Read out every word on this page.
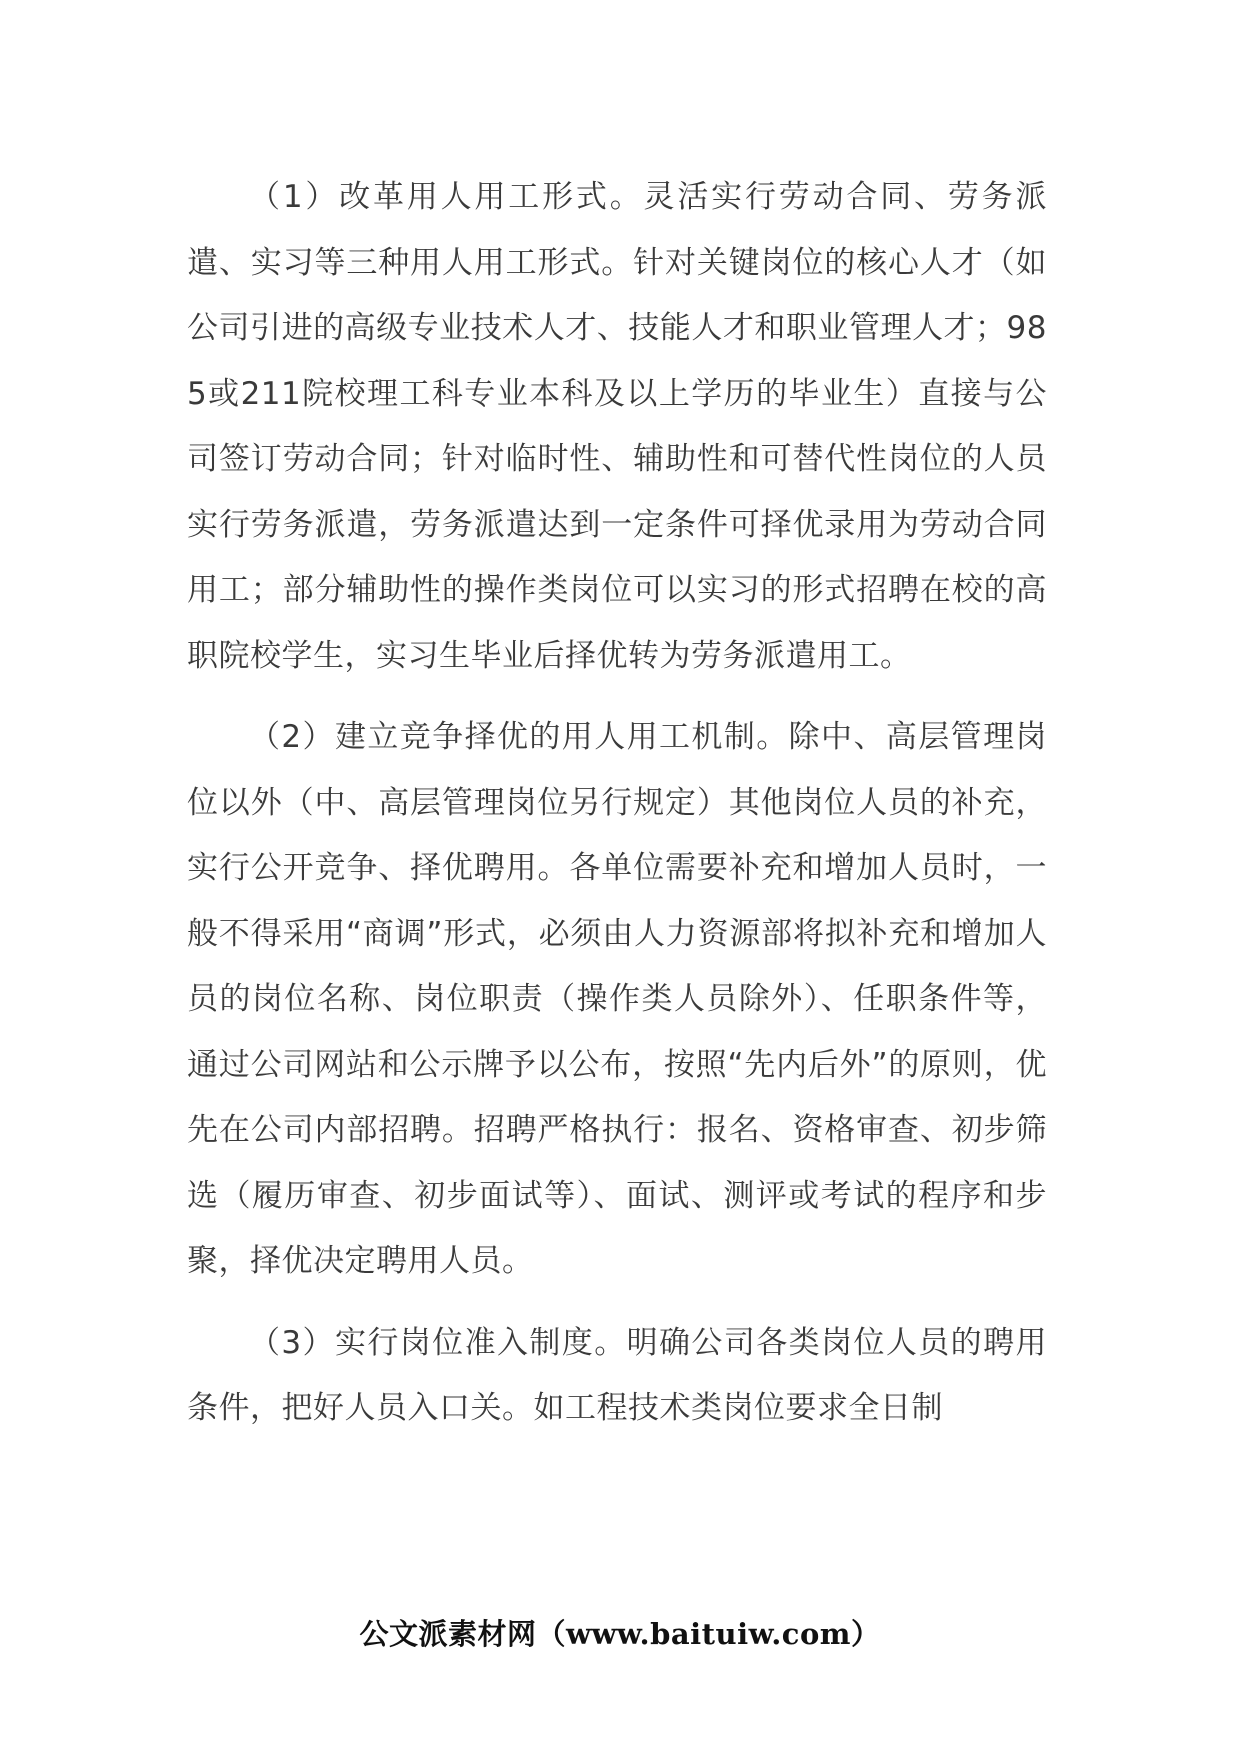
（1）改革用人用工形式。灵活实行劳动合同、劳务派遣、实习等三种用人用工形式。针对关键岗位的核心人才（如公司引进的高级专业技术人才、技能人才和职业管理人才；985或211院校理工科专业本科及以上学历的毕业生）直接与公司签订劳动合同；针对临时性、辅助性和可替代性岗位的人员实行劳务派遣，劳务派遣达到一定条件可择优录用为劳动合同用工；部分辅助性的操作类岗位可以实习的形式招聘在校的高职院校学生，实习生毕业后择优转为劳务派遣用工。

（2）建立竞争择优的用人用工机制。除中、高层管理岗位以外（中、高层管理岗位另行规定）其他岗位人员的补充，实行公开竞争、择优聘用。各单位需要补充和增加人员时，一般不得采用“商调”形式，必须由人力资源部将拟补充和增加人员的岗位名称、岗位职责（操作类人员除外）、任职条件等，通过公司网站和公示牌予以公布，按照“先内后外”的原则，优先在公司内部招聘。招聘严格执行：报名、资格审查、初步筛选（履历审查、初步面试等）、面试、测评或考试的程序和步聚，择优决定聘用人员。

（3）实行岗位准入制度。明确公司各类岗位人员的聘用条件，把好人员入口关。如工程技术类岗位要求全日制

公文派素材网（www.baituiw.com）
